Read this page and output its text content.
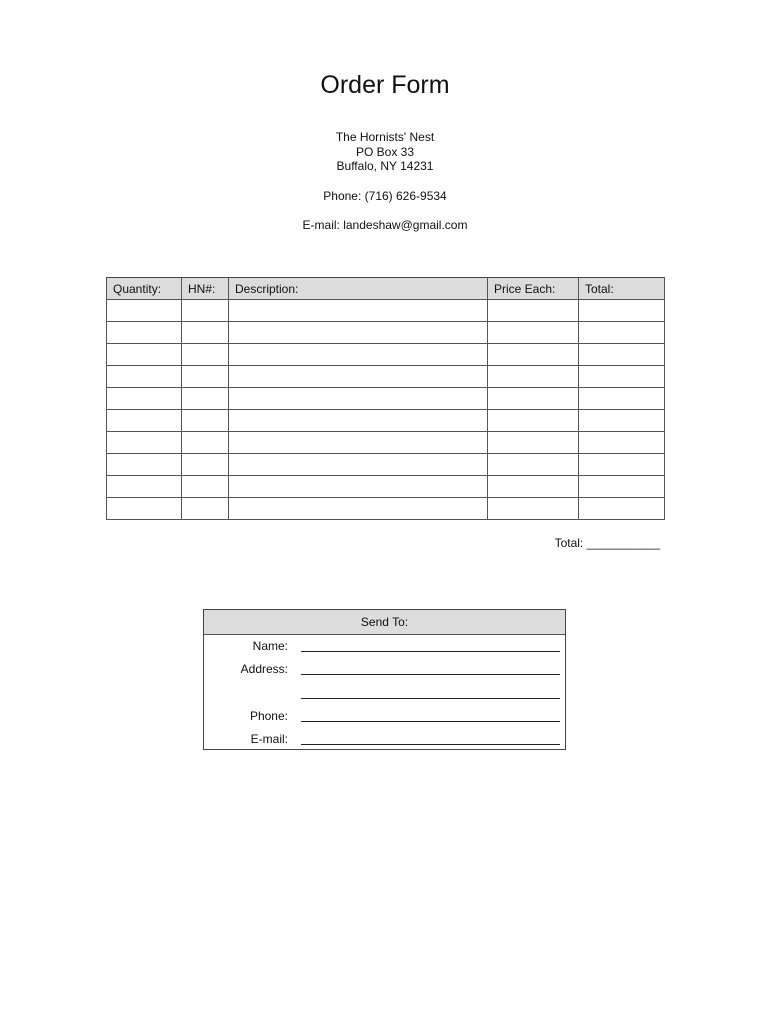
Order Form
The Hornists' Nest
PO Box 33
Buffalo, NY 14231
Phone: (716) 626-9534
E-mail: landeshaw@gmail.com
Quantity:	HN#:	Description:	Price Each:	Total:

Total: ___________
Send To:
Name:
Address:
Phone:
E-mail:
